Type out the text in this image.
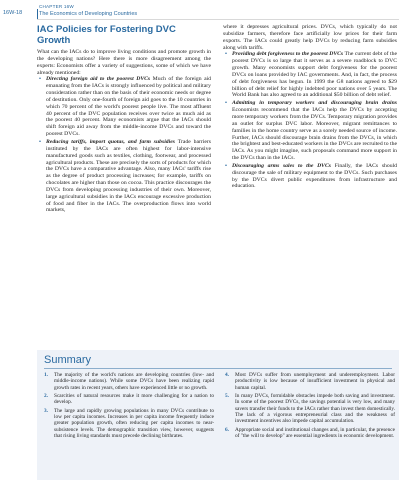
16W-18
CHAPTER 16W
The Economics of Developing Countries
IAC Policies for Fostering DVC Growth

What can the IACs do to improve living conditions and promote growth in the developing nations? Here there is more disagreement among the experts: Economists offer a variety of suggestions, some of which we have already mentioned:

• Directing foreign aid to the poorest DVCs Much of the foreign aid emanating from the IACs is strongly influenced by political and military consideration rather than on the basis of their economic needs or degree of destitution. Only one-fourth of foreign aid goes to the 10 countries in which 70 percent of the world's poorest people live. The most affluent 40 percent of the DVC population receives over twice as much aid as the poorest 40 percent. Many economists argue that the IACs should shift foreign aid away from the middle-income DVCs and toward the poorest DVCs.

• Reducing tariffs, import quotas, and farm subsidies Trade barriers instituted by the IACs are often highest for labor-intensive manufactured goods such as textiles, clothing, footwear, and processed agricultural products. These are precisely the sorts of products for which the DVCs have a comparative advantage. Also, many IACs' tariffs rise as the degree of product processing increases; for example, tariffs on chocolates are higher than those on cocoa. This practice discourages the DVCs from developing processing industries of their own. Moreover, large agricultural subsidies in the IACs encourage excessive production of food and fiber in the IACs. The overproduction flows into world markets,

where it depresses agricultural prices. DVCs, which typically do not subsidize farmers, therefore face artificially low prices for their farm exports. The IACs could greatly help DVCs by reducing farm subsidies along with tariffs.

• Providing debt forgiveness to the poorest DVCs The current debt of the poorest DVCs is so large that it serves as a severe roadblock to DVC growth. Many economists support debt forgiveness for the poorest DVCs on loans provided by IAC governments. And, in fact, the process of debt forgiveness has begun. In 1999 the G8 nations agreed to $29 billion of debt relief for highly indebted poor nations over 5 years. The World Bank has also agreed to an additional $50 billion of debt relief.

• Admitting in temporary workers and discouraging brain drains Economists recommend that the IACs help the DVCs by accepting more temporary workers from the DVCs. Temporary migration provides an outlet for surplus DVC labor. Moreover, migrant remittances to families in the home country serve as a sorely needed source of income. Further, IACs should discourage brain drains from the DVCs, in which the brightest and best-educated workers in the DVCs are recruited to the IACs. As you might imagine, such proposals command more support in the DVCs than in the IACs.

• Discouraging arms sales to the DVCs Finally, the IACs should discourage the sale of military equipment to the DVCs. Such purchases by the DVCs divert public expenditures from infrastructure and education.

Summary

1. The majority of the world's nations are developing countries (low- and middle-income nations). While some DVCs have been realizing rapid growth rates in recent years, others have experienced little or no growth.

2. Scarcities of natural resources make it more challenging for a nation to develop.

3. The large and rapidly growing populations in many DVCs contribute to low per capita incomes. Increases in per capita income frequently induce greater population growth, often reducing per capita incomes to near-subsistence levels. The demographic transition view, however, suggests that rising living standards must precede declining birthrates.

4. Most DVCs suffer from unemployment and underemployment. Labor productivity is low because of insufficient investment in physical and human capital.

5. In many DVCs, formidable obstacles impede both saving and investment. In some of the poorest DVCs, the savings potential is very low, and many savers transfer their funds to the IACs rather than invest them domestically. The lack of a vigorous entrepreneurial class and the weakness of investment incentives also impede capital accumulation.

6. Appropriate social and institutional changes and, in particular, the presence of "the will to develop" are essential ingredients in economic development.
